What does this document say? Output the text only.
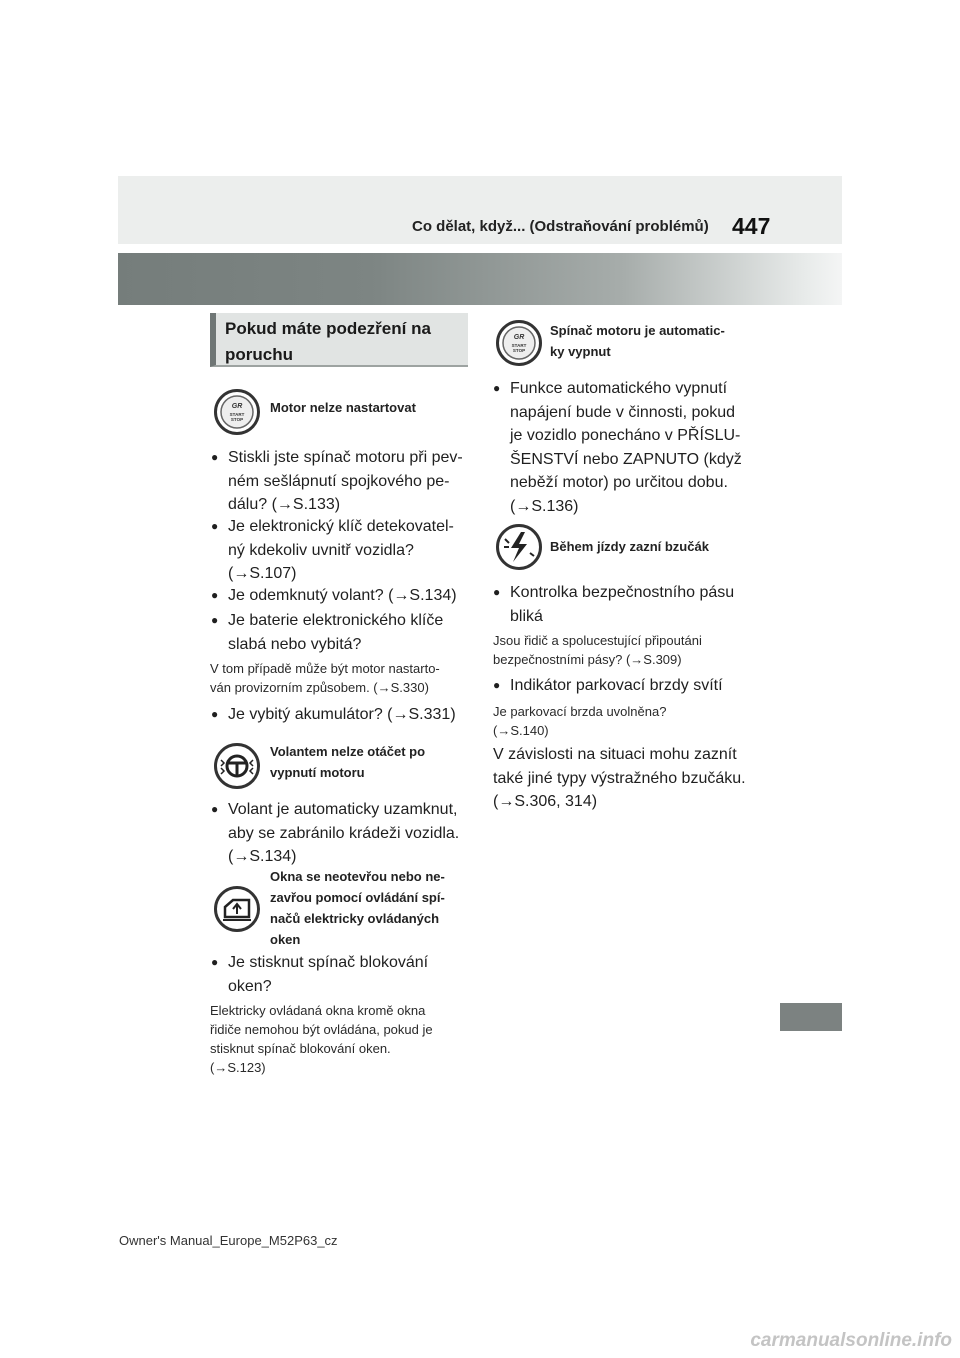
Co dělat, když... (Odstraňování problémů) 447
Pokud máte podezření na
poruchu
GR
START
STOP
Motor nelze nastartovat
● Stiskli jste spínač motoru při pev-
ném sešlápnutí spojkového pe-
dálu? (→S.133)
● Je elektronický klíč detekovatel-
ný kdekoliv uvnitř vozidla?
(→S.107)
● Je odemknutý volant? (→S.134)
● Je baterie elektronického klíče
slabá nebo vybitá?
V tom případě může být motor nastarto-
ván provizorním způsobem. (→S.330)
● Je vybitý akumulátor? (→S.331)
Volantem nelze otáčet po
vypnutí motoru
● Volant je automaticky uzamknut,
aby se zabránilo krádeži vozidla.
(→S.134)
Okna se neotevřou nebo ne-
zavřou pomocí ovládání spí-
načů elektricky ovládaných
oken
● Je stisknut spínač blokování
oken?
Elektricky ovládaná okna kromě okna
řidiče nemohou být ovládána, pokud je
stisknut spínač blokování oken.
(→S.123)
GR
START
STOP
Spínač motoru je automatic-
ky vypnut
● Funkce automatického vypnutí
napájení bude v činnosti, pokud
je vozidlo ponecháno v PŘÍSLU-
ŠENSTVÍ nebo ZAPNUTO (když
neběží motor) po určitou dobu.
(→S.136)
Během jízdy zazní bzučák
● Kontrolka bezpečnostního pásu
bliká
Jsou řidič a spolucestující připoutáni
bezpečnostními pásy? (→S.309)
● Indikátor parkovací brzdy svítí
Je parkovací brzda uvolněna?
(→S.140)
V závislosti na situaci mohu zaznít
také jiné typy výstražného bzučáku.
(→S.306, 314)
Owner's Manual_Europe_M52P63_cz
carmanualsonline.info
